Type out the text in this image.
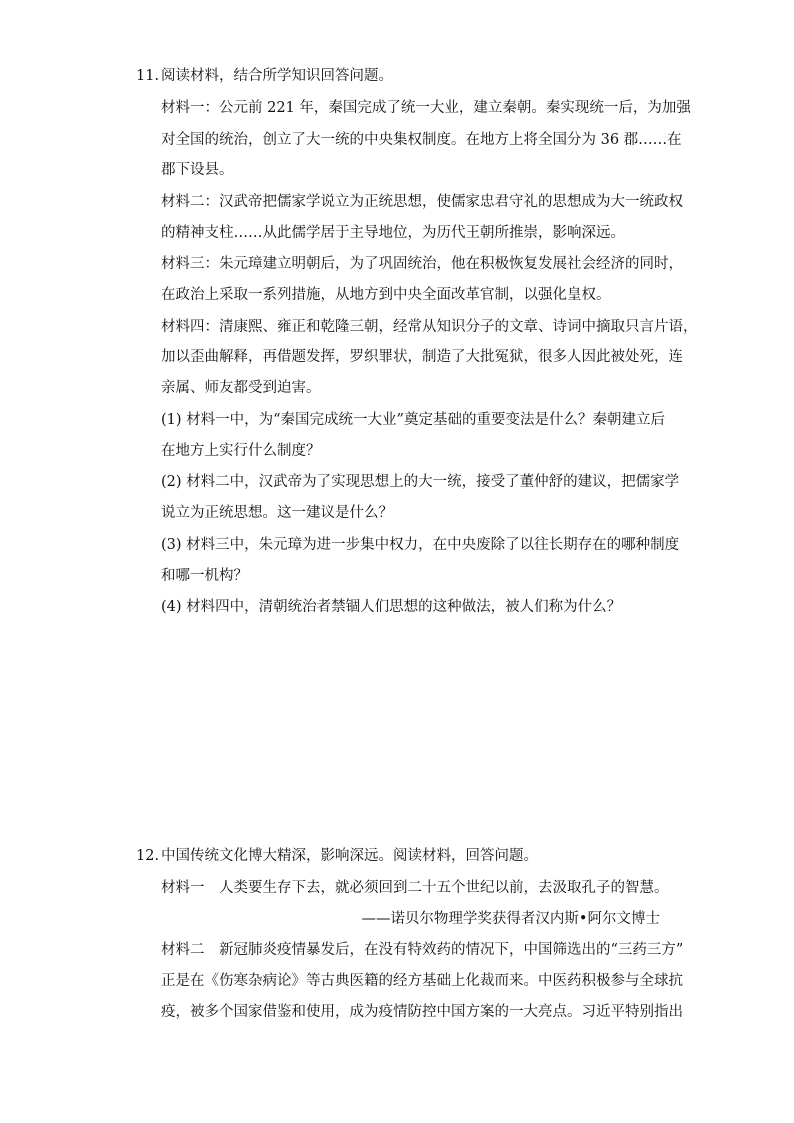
11. 阅读材料，结合所学知识回答问题。
材料一：公元前 221 年，秦国完成了统一大业，建立秦朝。秦实现统一后，为加强
对全国的统治，创立了大一统的中央集权制度。在地方上将全国分为 36 郡……在
郡下设县。
材料二：汉武帝把儒家学说立为正统思想，使儒家忠君守礼的思想成为大一统政权
的精神支柱……从此儒学居于主导地位，为历代王朝所推崇，影响深远。
材料三：朱元璋建立明朝后，为了巩固统治，他在积极恢复发展社会经济的同时，
在政治上采取一系列措施，从地方到中央全面改革官制，以强化皇权。
材料四：清康熙、雍正和乾隆三朝，经常从知识分子的文章、诗词中摘取只言片语，
加以歪曲解释，再借题发挥，罗织罪状，制造了大批冤狱，很多人因此被处死，连
亲属、师友都受到迫害。
(1) 材料一中，为“秦国完成统一大业”奠定基础的重要变法是什么？秦朝建立后
在地方上实行什么制度？
(2) 材料二中，汉武帝为了实现思想上的大一统，接受了董仲舒的建议，把儒家学
说立为正统思想。这一建议是什么？
(3) 材料三中，朱元璋为进一步集中权力，在中央废除了以往长期存在的哪种制度
和哪一机构？
(4) 材料四中，清朝统治者禁锢人们思想的这种做法，被人们称为什么？
12. 中国传统文化博大精深，影响深远。阅读材料，回答问题。
材料一　人类要生存下去，就必须回到二十五个世纪以前，去汲取孔子的智慧。
——诺贝尔物理学奖获得者汉内斯•阿尔文博士
材料二　新冠肺炎疫情暴发后，在没有特效药的情况下，中国筛选出的“三药三方”
正是在《伤寒杂病论》等古典医籍的经方基础上化裁而来。中医药积极参与全球抗
疫，被多个国家借鉴和使用，成为疫情防控中国方案的一大亮点。习近平特别指出
